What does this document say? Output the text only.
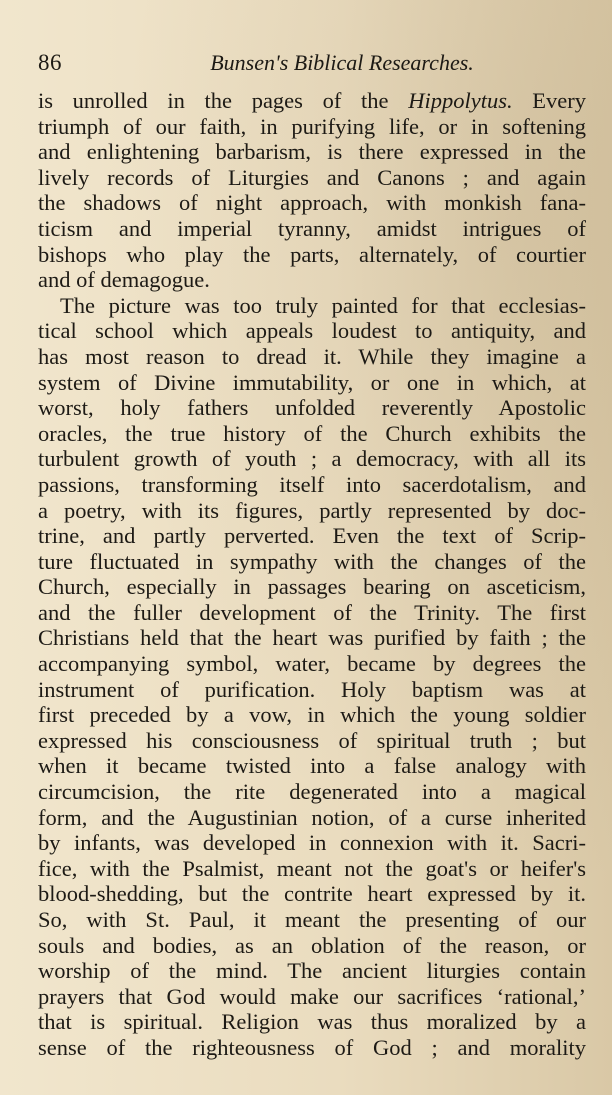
86	Bunsen's Biblical Researches.
is unrolled in the pages of the Hippolytus. Every
triumph of our faith, in purifying life, or in softening
and enlightening barbarism, is there expressed in the
lively records of Liturgies and Canons ; and again
the shadows of night approach, with monkish fana-
ticism and imperial tyranny, amidst intrigues of
bishops who play the parts, alternately, of courtier
and of demagogue.
The picture was too truly painted for that ecclesias-
tical school which appeals loudest to antiquity, and
has most reason to dread it. While they imagine a
system of Divine immutability, or one in which, at
worst, holy fathers unfolded reverently Apostolic
oracles, the true history of the Church exhibits the
turbulent growth of youth ; a democracy, with all its
passions, transforming itself into sacerdotalism, and
a poetry, with its figures, partly represented by doc-
trine, and partly perverted. Even the text of Scrip-
ture fluctuated in sympathy with the changes of the
Church, especially in passages bearing on asceticism,
and the fuller development of the Trinity. The first
Christians held that the heart was purified by faith ; the
accompanying symbol, water, became by degrees the
instrument of purification. Holy baptism was at
first preceded by a vow, in which the young soldier
expressed his consciousness of spiritual truth ; but
when it became twisted into a false analogy with
circumcision, the rite degenerated into a magical
form, and the Augustinian notion, of a curse inherited
by infants, was developed in connexion with it. Sacri-
fice, with the Psalmist, meant not the goat's or heifer's
blood-shedding, but the contrite heart expressed by it.
So, with St. Paul, it meant the presenting of our
souls and bodies, as an oblation of the reason, or
worship of the mind. The ancient liturgies contain
prayers that God would make our sacrifices ‘rational,’
that is spiritual. Religion was thus moralized by a
sense of the righteousness of God ; and morality
